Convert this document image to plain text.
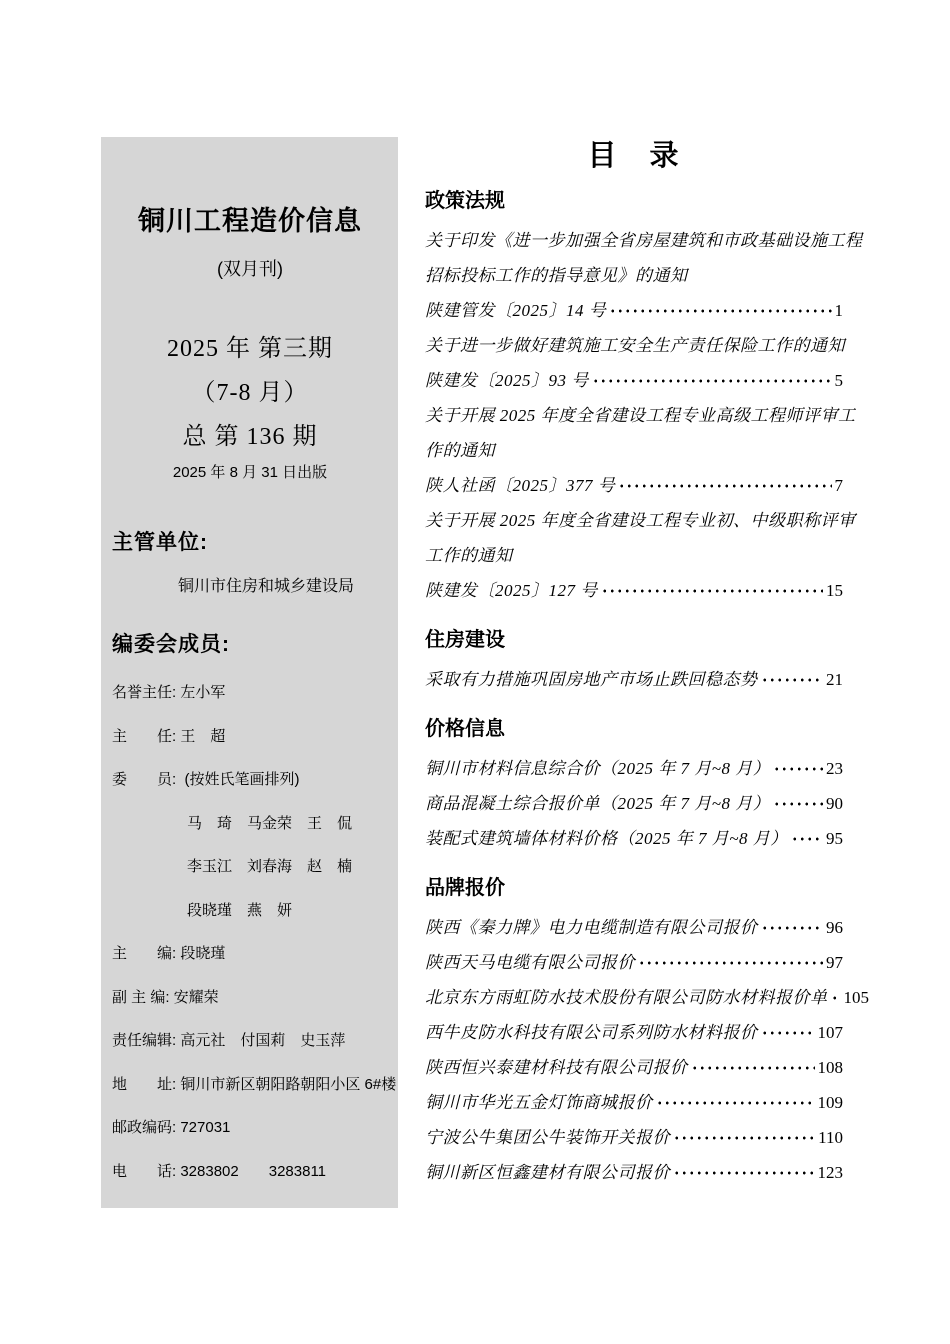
铜川工程造价信息
(双月刊)
2025 年 第三期
（7-8 月）
总 第 136 期
2025 年 8 月 31 日出版
主管单位:
铜川市住房和城乡建设局
编委会成员:
名誉主任: 左小军
主　　任: 王　超
委　　员:  (按姓氏笔画排列)
　　　　　马　琦　马金荣　王　侃
　　　　　李玉江　刘春海　赵　楠
　　　　　段晓瑾　燕　妍
主　　编: 段晓瑾
副 主 编: 安耀荣
责任编辑: 高元社　付国莉　史玉萍
地　　址: 铜川市新区朝阳路朝阳小区 6#楼
邮政编码: 727031
电　　话: 3283802　　3283811
目　录
政策法规
关于印发《进一步加强全省房屋建筑和市政基础设施工程
招标投标工作的指导意见》的通知
陕建管发〔2025〕14 号	1
关于进一步做好建筑施工安全生产责任保险工作的通知
陕建发〔2025〕93 号	5
关于开展 2025 年度全省建设工程专业高级工程师评审工
作的通知
陕人社函〔2025〕377 号	7
关于开展 2025 年度全省建设工程专业初、中级职称评审
工作的通知
陕建发〔2025〕127 号	15
住房建设
采取有力措施巩固房地产市场止跌回稳态势	21
价格信息
铜川市材料信息综合价（2025 年 7 月~8 月）	23
商品混凝土综合报价单（2025 年 7 月~8 月）	90
装配式建筑墙体材料价格（2025 年 7 月~8 月） 95
品牌报价
陕西《秦力牌》电力电缆制造有限公司报价	96
陕西天马电缆有限公司报价	97
北京东方雨虹防水技术股份有限公司防水材料报价单 105
西牛皮防水科技有限公司系列防水材料报价	107
陕西恒兴泰建材科技有限公司报价	108
铜川市华光五金灯饰商城报价	109
宁波公牛集团公牛装饰开关报价	110
铜川新区恒鑫建材有限公司报价	123
